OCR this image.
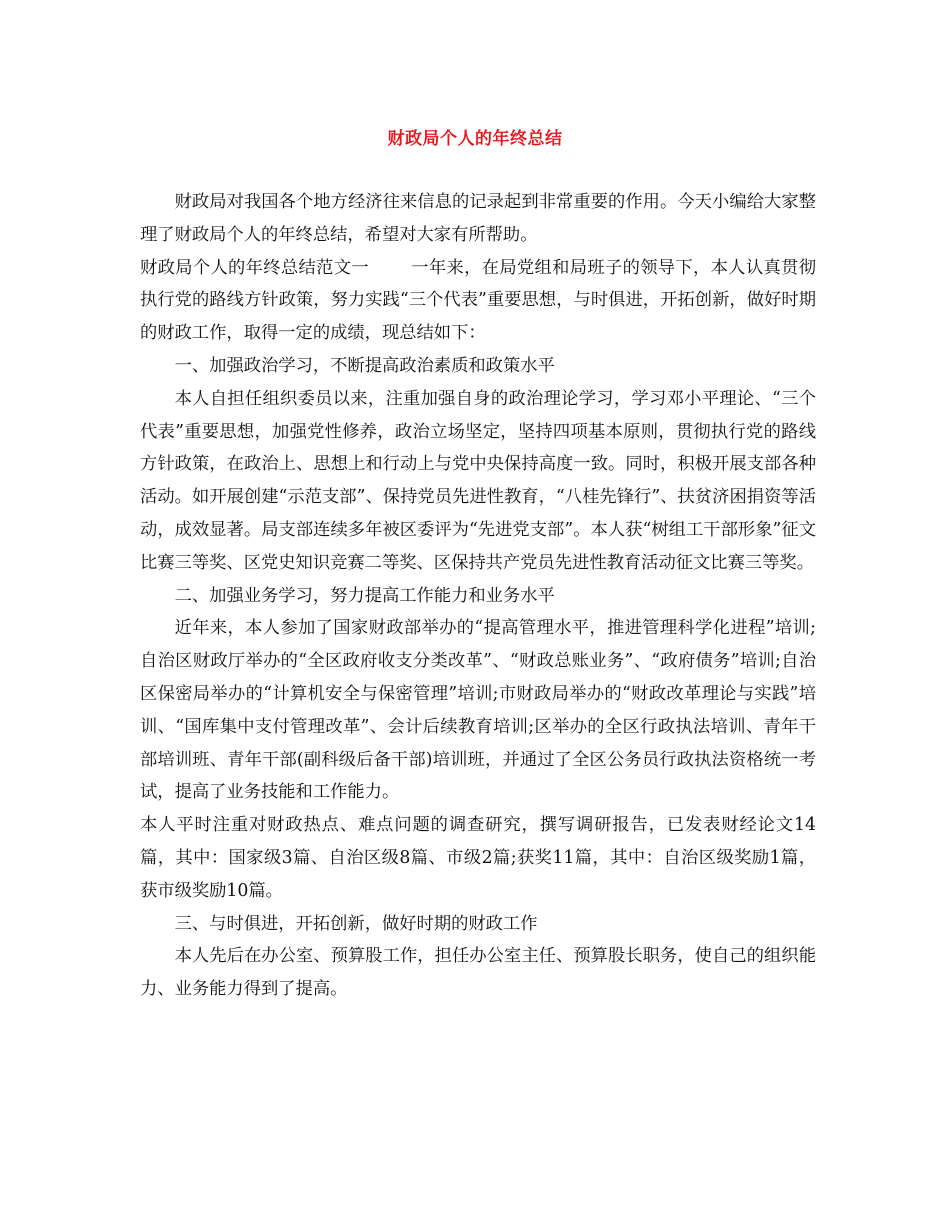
财政局个人的年终总结

财政局对我国各个地方经济往来信息的记录起到非常重要的作用。今天小编给大家整理了财政局个人的年终总结，希望对大家有所帮助。

财政局个人的年终总结范文一 一年来，在局党组和局班子的领导下，本人认真贯彻执行党的路线方针政策，努力实践“三个代表”重要思想，与时俱进，开拓创新，做好时期的财政工作，取得一定的成绩，现总结如下：

一、加强政治学习，不断提高政治素质和政策水平

本人自担任组织委员以来，注重加强自身的政治理论学习，学习邓小平理论、“三个代表”重要思想，加强党性修养，政治立场坚定，坚持四项基本原则，贯彻执行党的路线方针政策，在政治上、思想上和行动上与党中央保持高度一致。同时，积极开展支部各种活动。如开展创建“示范支部”、保持党员先进性教育，“八桂先锋行”、扶贫济困捐资等活动，成效显著。局支部连续多年被区委评为“先进党支部”。本人获“树组工干部形象”征文比赛三等奖、区党史知识竞赛二等奖、区保持共产党员先进性教育活动征文比赛三等奖。

二、加强业务学习，努力提高工作能力和业务水平

近年来，本人参加了国家财政部举办的“提高管理水平，推进管理科学化进程”培训;自治区财政厅举办的“全区政府收支分类改革”、“财政总账业务”、“政府债务”培训;自治区保密局举办的“计算机安全与保密管理”培训;市财政局举办的“财政改革理论与实践”培训、“国库集中支付管理改革”、会计后续教育培训;区举办的全区行政执法培训、青年干部培训班、青年干部(副科级后备干部)培训班，并通过了全区公务员行政执法资格统一考试，提高了业务技能和工作能力。

本人平时注重对财政热点、难点问题的调查研究，撰写调研报告，已发表财经论文14篇，其中：国家级3篇、自治区级8篇、市级2篇;获奖11篇，其中：自治区级奖励1篇，获市级奖励10篇。

三、与时俱进，开拓创新，做好时期的财政工作

本人先后在办公室、预算股工作，担任办公室主任、预算股长职务，使自己的组织能力、业务能力得到了提高。
